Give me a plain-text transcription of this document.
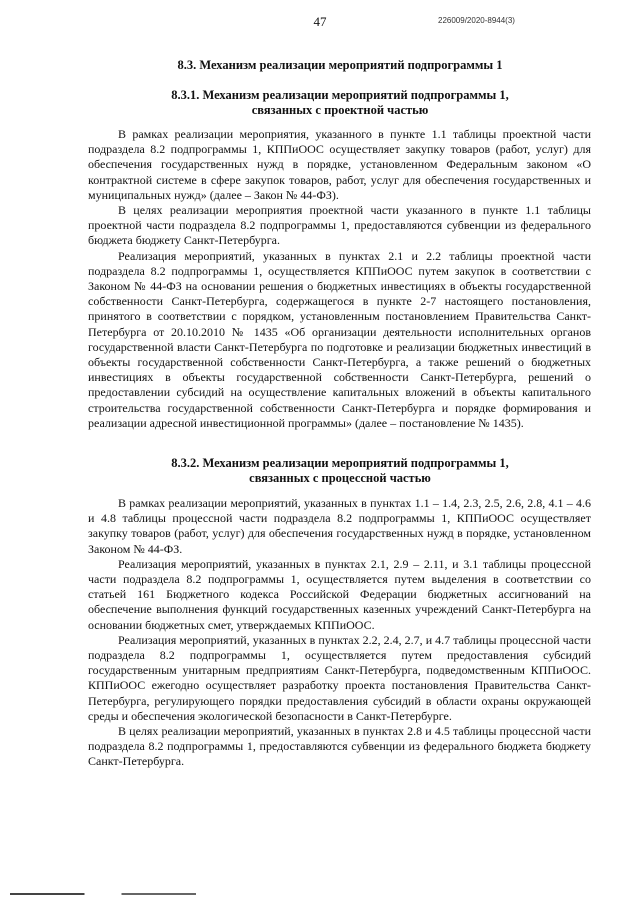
47	226009/2020-8944(3)
8.3. Механизм реализации мероприятий подпрограммы 1
8.3.1. Механизм реализации мероприятий подпрограммы 1,
связанных с проектной частью

В рамках реализации мероприятия, указанного в пункте 1.1 таблицы проектной части подраздела 8.2 подпрограммы 1, КППиООС осуществляет закупку товаров (работ, услуг) для обеспечения государственных нужд в порядке, установленном Федеральным законом «О контрактной системе в сфере закупок товаров, работ, услуг для обеспечения государственных и муниципальных нужд» (далее – Закон № 44-ФЗ).

В целях реализации мероприятия проектной части указанного в пункте 1.1 таблицы проектной части подраздела 8.2 подпрограммы 1, предоставляются субвенции из федерального бюджета бюджету Санкт-Петербурга.

Реализация мероприятий, указанных в пунктах 2.1 и 2.2 таблицы проектной части подраздела 8.2 подпрограммы 1, осуществляется КППиООС путем закупок в соответствии с Законом № 44-ФЗ на основании решения о бюджетных инвестициях в объекты государственной собственности Санкт-Петербурга, содержащегося в пункте 2-7 настоящего постановления, принятого в соответствии с порядком, установленным постановлением Правительства Санкт-Петербурга от 20.10.2010 № 1435 «Об организации деятельности исполнительных органов государственной власти Санкт-Петербурга по подготовке и реализации бюджетных инвестиций в объекты государственной собственности Санкт-Петербурга, а также решений о бюджетных инвестициях в объекты государственной собственности Санкт-Петербурга, решений о предоставлении субсидий на осуществление капитальных вложений в объекты капитального строительства государственной собственности Санкт-Петербурга и порядке формирования и реализации адресной инвестиционной программы» (далее – постановление № 1435).

8.3.2. Механизм реализации мероприятий подпрограммы 1,
связанных с процессной частью

В рамках реализации мероприятий, указанных в пунктах 1.1 – 1.4, 2.3, 2.5, 2.6, 2.8, 4.1 – 4.6 и 4.8 таблицы процессной части подраздела 8.2 подпрограммы 1, КППиООС осуществляет закупку товаров (работ, услуг) для обеспечения государственных нужд в порядке, установленном Законом № 44-ФЗ.

Реализация мероприятий, указанных в пунктах 2.1, 2.9 – 2.11, и 3.1 таблицы процессной части подраздела 8.2 подпрограммы 1, осуществляется путем выделения в соответствии со статьей 161 Бюджетного кодекса Российской Федерации бюджетных ассигнований на обеспечение выполнения функций государственных казенных учреждений Санкт-Петербурга на основании бюджетных смет, утверждаемых КППиООС.

Реализация мероприятий, указанных в пунктах 2.2, 2.4, 2.7, и 4.7 таблицы процессной части подраздела 8.2 подпрограммы 1, осуществляется путем предоставления субсидий государственным унитарным предприятиям Санкт-Петербурга, подведомственным КППиООС. КППиООС ежегодно осуществляет разработку проекта постановления Правительства Санкт-Петербурга, регулирующего порядки предоставления субсидий в области охраны окружающей среды и обеспечения экологической безопасности в Санкт-Петербурге.

В целях реализации мероприятий, указанных в пунктах 2.8 и 4.5 таблицы процессной части подраздела 8.2 подпрограммы 1, предоставляются субвенции из федерального бюджета бюджету Санкт-Петербурга.
